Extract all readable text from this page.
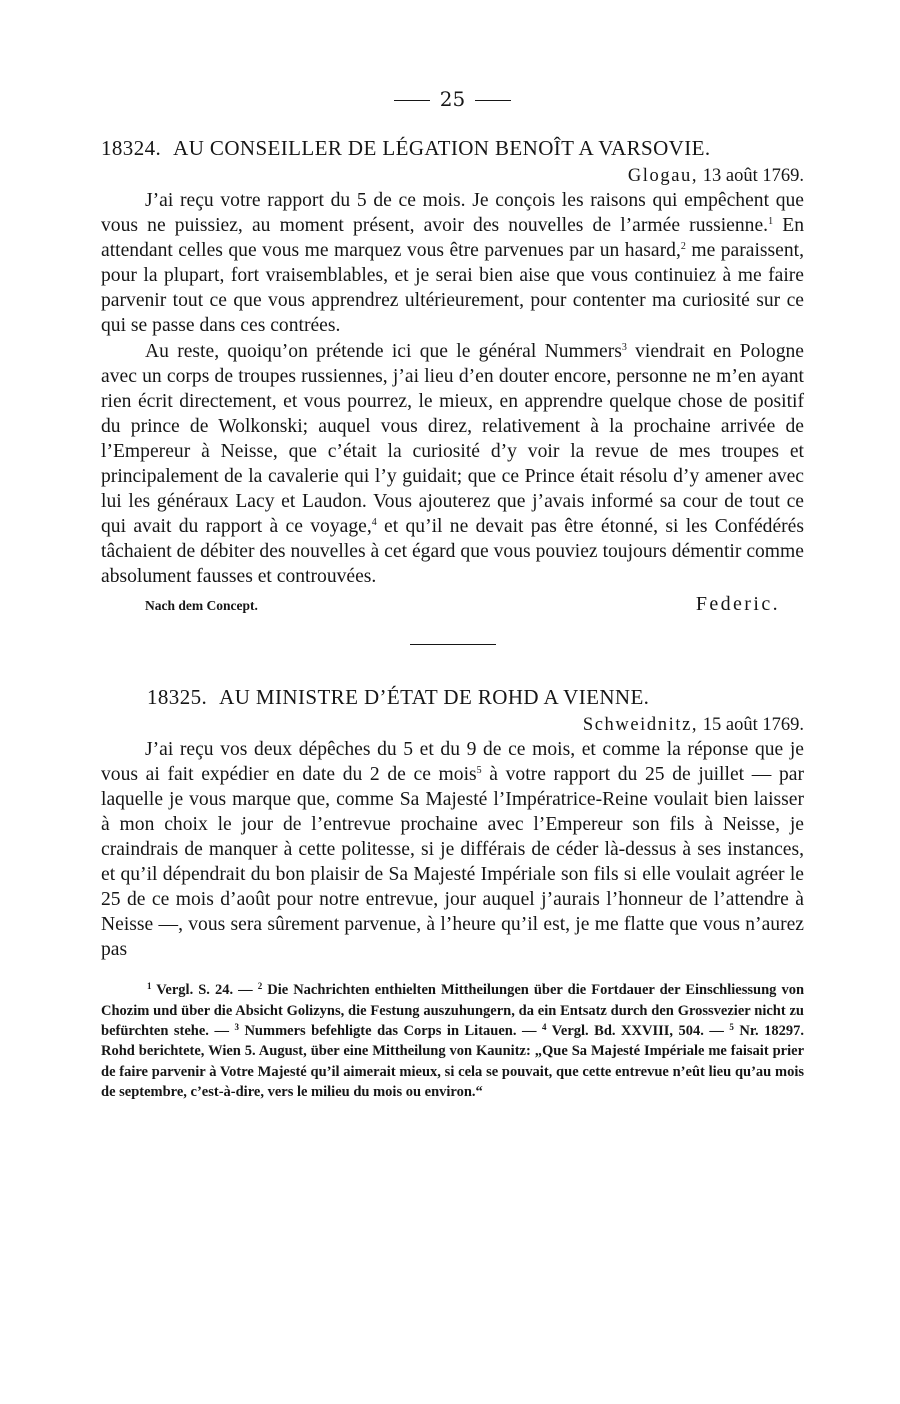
25
18324. AU CONSEILLER DE LÉGATION BENOÎT A VARSOVIE.
Glogau, 13 août 1769.

J’ai reçu votre rapport du 5 de ce mois. Je conçois les raisons qui empêchent que vous ne puissiez, au moment présent, avoir des nouvelles de l’armée russienne.$^1$ En attendant celles que vous me marquez vous être parvenues par un hasard,$^2$ me paraissent, pour la plupart, fort vraisemblables, et je serai bien aise que vous continuiez à me faire parvenir tout ce que vous apprendrez ultérieurement, pour contenter ma curiosité sur ce qui se passe dans ces contrées.

Au reste, quoiqu’on prétende ici que le général Nummers$^3$ viendrait en Pologne avec un corps de troupes russiennes, j’ai lieu d’en douter encore, personne ne m’en ayant rien écrit directement, et vous pourrez, le mieux, en apprendre quelque chose de positif du prince de Wolkonski; auquel vous direz, relativement à la prochaine arrivée de l’Empereur à Neisse, que c’était la curiosité d’y voir la revue de mes troupes et principalement de la cavalerie qui l’y guidait; que ce Prince était résolu d’y amener avec lui les généraux Lacy et Laudon. Vous ajouterez que j’avais informé sa cour de tout ce qui avait du rapport à ce voyage,$^4$ et qu’il ne devait pas être étonné, si les Confédérés tâchaient de débiter des nouvelles à cet égard que vous pouviez toujours démentir comme absolument fausses et controuvées.

Nach dem Concept.	Federic.
18325. AU MINISTRE D’ÉTAT DE ROHD A VIENNE.
Schweidnitz, 15 août 1769.

J’ai reçu vos deux dépêches du 5 et du 9 de ce mois, et comme la réponse que je vous ai fait expédier en date du 2 de ce mois$^5$ à votre rapport du 25 de juillet — par laquelle je vous marque que, comme Sa Majesté l’Impératrice-Reine voulait bien laisser à mon choix le jour de l’entrevue prochaine avec l’Empereur son fils à Neisse, je craindrais de manquer à cette politesse, si je différais de céder là-dessus à ses instances, et qu’il dépendrait du bon plaisir de Sa Majesté Impériale son fils si elle voulait agréer le 25 de ce mois d’août pour notre entrevue, jour auquel j’aurais l’honneur de l’attendre à Neisse —, vous sera sûrement parvenue, à l’heure qu’il est, je me flatte que vous n’aurez pas

$^1$ Vergl. S. 24. — $^2$ Die Nachrichten enthielten Mittheilungen über die Fortdauer der Einschliessung von Chozim und über die Absicht Golizyns, die Festung auszuhungern, da ein Entsatz durch den Grossvezier nicht zu befürchten stehe. — $^3$ Nummers befehligte das Corps in Litauen. — $^4$ Vergl. Bd. XXVIII, 504. — $^5$ Nr. 18297. Rohd berichtete, Wien 5. August, über eine Mittheilung von Kaunitz: „Que Sa Majesté Impériale me faisait prier de faire parvenir à Votre Majesté qu’il aimerait mieux, si cela se pouvait, que cette entrevue n’eût lieu qu’au mois de septembre, c’est-à-dire, vers le milieu du mois ou environ.“
